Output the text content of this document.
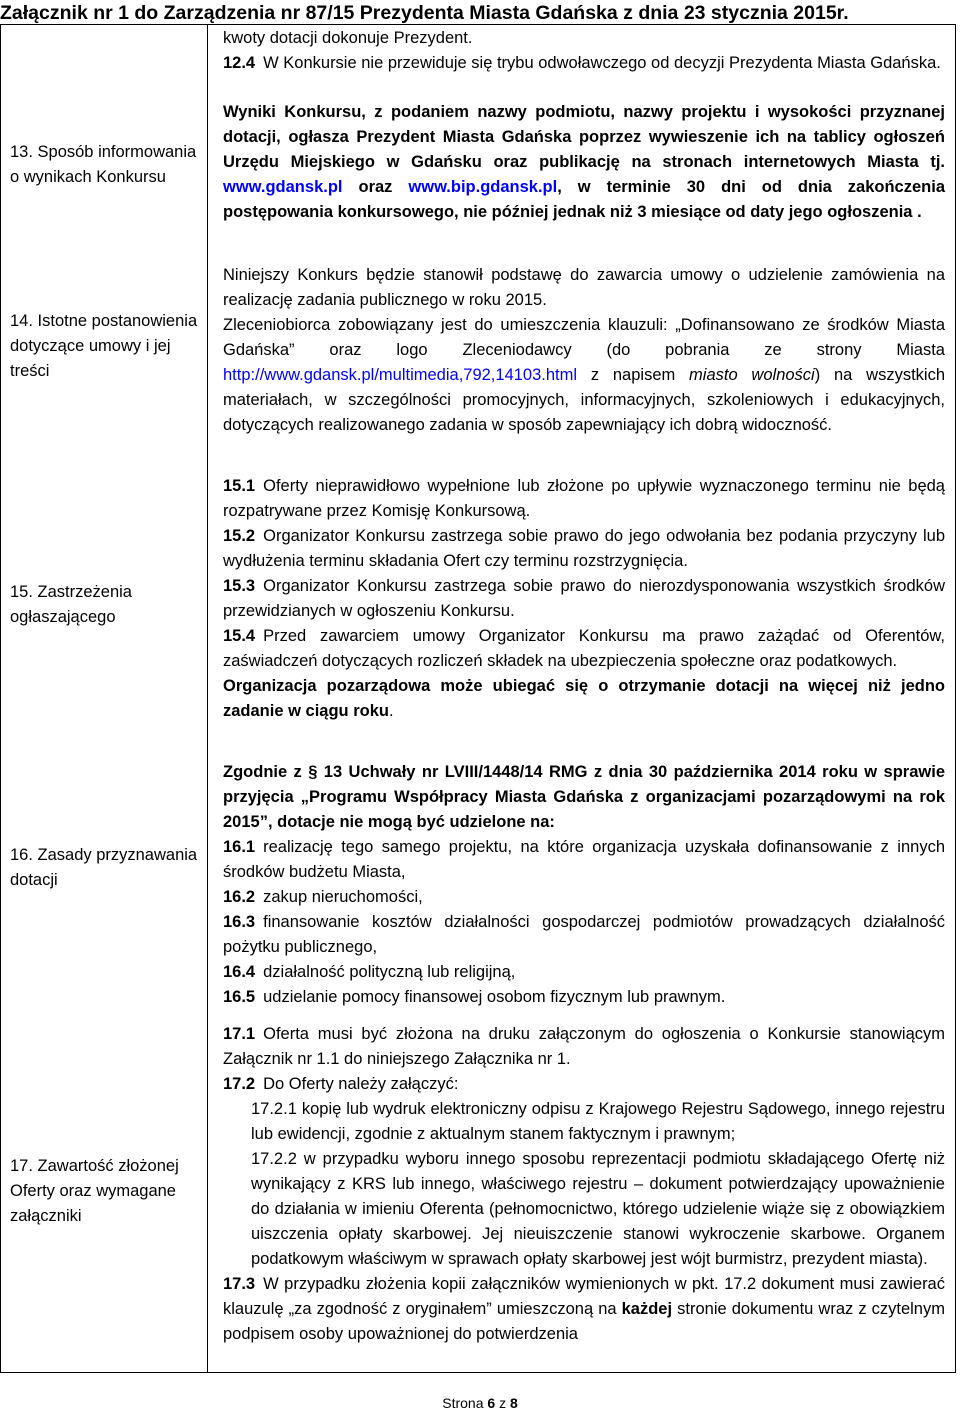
Załącznik nr 1 do Zarządzenia nr 87/15 Prezydenta Miasta Gdańska z dnia 23 stycznia 2015r.
13. Sposób informowania o wynikach Konkursu
14. Istotne postanowienia dotyczące umowy i jej treści
15. Zastrzeżenia ogłaszającego
16. Zasady przyznawania dotacji
17. Zawartość złożonej Oferty oraz wymagane załączniki

kwoty dotacji dokonuje Prezydent.

12.4 W Konkursie nie przewiduje się trybu odwoławczego od decyzji Prezydenta Miasta Gdańska.

Wyniki Konkursu, z podaniem nazwy podmiotu, nazwy projektu i wysokości przyznanej dotacji, ogłasza Prezydent Miasta Gdańska poprzez wywieszenie ich na tablicy ogłoszeń Urzędu Miejskiego w Gdańsku oraz publikację na stronach internetowych Miasta tj. www.gdansk.pl oraz www.bip.gdansk.pl, w terminie 30 dni od dnia zakończenia postępowania konkursowego, nie później jednak niż 3 miesiące od daty jego ogłoszenia .

Niniejszy Konkurs będzie stanowił podstawę do zawarcia umowy o udzielenie zamówienia na realizację zadania publicznego w roku 2015.

Zleceniobiorca zobowiązany jest do umieszczenia klauzuli: „Dofinansowano ze środków Miasta Gdańska” oraz logo Zleceniodawcy (do pobrania ze strony Miasta http://www.gdansk.pl/multimedia,792,14103.html z napisem miasto wolności) na wszystkich materiałach, w szczególności promocyjnych, informacyjnych, szkoleniowych i edukacyjnych, dotyczących realizowanego zadania w sposób zapewniający ich dobrą widoczność.

15.1 Oferty nieprawidłowo wypełnione lub złożone po upływie wyznaczonego terminu nie będą rozpatrywane przez Komisję Konkursową.

15.2 Organizator Konkursu zastrzega sobie prawo do jego odwołania bez podania przyczyny lub wydłużenia terminu składania Ofert czy terminu rozstrzygnięcia.

15.3 Organizator Konkursu zastrzega sobie prawo do nierozdysponowania wszystkich środków przewidzianych w ogłoszeniu Konkursu.

15.4 Przed zawarciem umowy Organizator Konkursu ma prawo zażądać od Oferentów, zaświadczeń dotyczących rozliczeń składek na ubezpieczenia społeczne oraz podatkowych.

Organizacja pozarządowa może ubiegać się o otrzymanie dotacji na więcej niż jedno zadanie w ciągu roku.

Zgodnie z § 13 Uchwały nr LVIII/1448/14 RMG z dnia 30 października 2014 roku w sprawie przyjęcia „Programu Współpracy Miasta Gdańska z organizacjami pozarządowymi na rok 2015”, dotacje nie mogą być udzielone na:

16.1 realizację tego samego projektu, na które organizacja uzyskała dofinansowanie z innych środków budżetu Miasta,

16.2 zakup nieruchomości,

16.3 finansowanie kosztów działalności gospodarczej podmiotów prowadzących działalność pożytku publicznego,

16.4 działalność polityczną lub religijną,

16.5 udzielanie pomocy finansowej osobom fizycznym lub prawnym.

17.1 Oferta musi być złożona na druku załączonym do ogłoszenia o Konkursie stanowiącym Załącznik nr 1.1 do niniejszego Załącznika nr 1.

17.2 Do Oferty należy załączyć:

17.2.1 kopię lub wydruk elektroniczny odpisu z Krajowego Rejestru Sądowego, innego rejestru lub ewidencji, zgodnie z aktualnym stanem faktycznym i prawnym;

17.2.2 w przypadku wyboru innego sposobu reprezentacji podmiotu składającego Ofertę niż wynikający z KRS lub innego, właściwego rejestru – dokument potwierdzający upoważnienie do działania w imieniu Oferenta (pełnomocnictwo, którego udzielenie wiąże się z obowiązkiem uiszczenia opłaty skarbowej. Jej nieuiszczenie stanowi wykroczenie skarbowe. Organem podatkowym właściwym w sprawach opłaty skarbowej jest wójt burmistrz, prezydent miasta).

17.3 W przypadku złożenia kopii załączników wymienionych w pkt. 17.2 dokument musi zawierać klauzulę „za zgodność z oryginałem” umieszczoną na każdej stronie dokumentu wraz z czytelnym podpisem osoby upoważnionej do potwierdzenia

Strona 6 z 8
